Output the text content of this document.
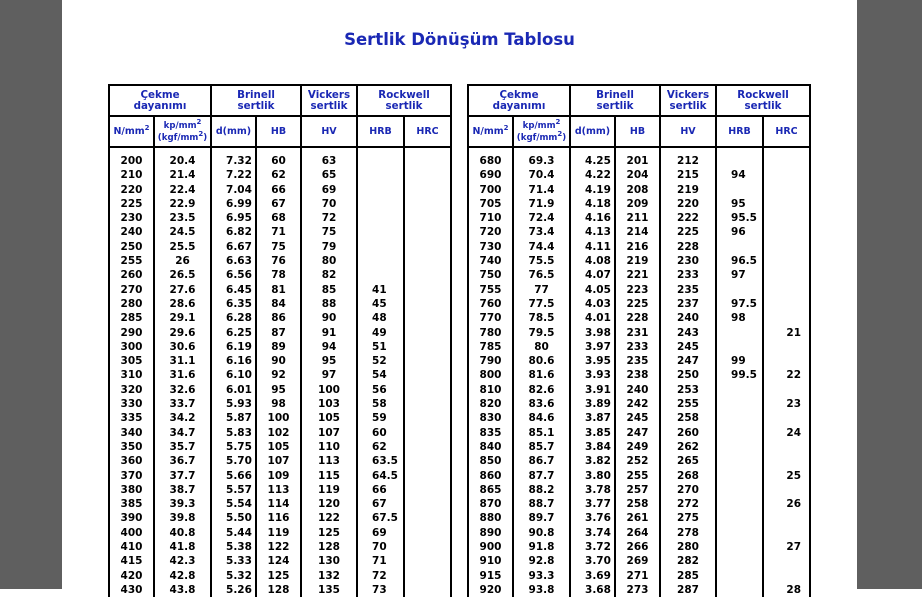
Sertlik Dönüşüm Tablosu
Çekme
dayanımı		Brinell
sertlik		Vickers
sertlik	Rockwell
sertlik	
$N/mm^2$	$kp/mm^2$
$(kgf/mm^2)$	d(mm)	HB	HV	HRB	HRC

200	20.4	7.32	60	63		
210	21.4	7.22	62	65		
220	22.4	7.04	66	69		
225	22.9	6.99	67	70		
230	23.5	6.95	68	72		
240	24.5	6.82	71	75		
250	25.5	6.67	75	79		
255	26	6.63	76	80		
260	26.5	6.56	78	82		
270	27.6	6.45	81	85	41	
280	28.6	6.35	84	88	45	
285	29.1	6.28	86	90	48	
290	29.6	6.25	87	91	49	
300	30.6	6.19	89	94	51	
305	31.1	6.16	90	95	52	
310	31.6	6.10	92	97	54	
320	32.6	6.01	95	100	56	
330	33.7	5.93	98	103	58	
335	34.2	5.87	100	105	59	
340	34.7	5.83	102	107	60	
350	35.7	5.75	105	110	62	
360	36.7	5.70	107	113	63.5	
370	37.7	5.66	109	115	64.5	
380	38.7	5.57	113	119	66	
385	39.3	5.54	114	120	67	
390	39.8	5.50	116	122	67.5	
400	40.8	5.44	119	125	69	
410	41.8	5.38	122	128	70	
415	42.3	5.33	124	130	71	
420	42.8	5.32	125	132	72	
430	43.8	5.26	128	135	73	
Çekme
dayanımı		Brinell
sertlik		Vickers
sertlik	Rockwell
sertlik	
$N/mm^2$	$kp/mm^2$
$(kgf/mm^2)$	d(mm)	HB	HV	HRB	HRC

680	69.3	4.25	201	212		
690	70.4	4.22	204	215	94	
700	71.4	4.19	208	219		
705	71.9	4.18	209	220	95	
710	72.4	4.16	211	222	95.5	
720	73.4	4.13	214	225	96	
730	74.4	4.11	216	228		
740	75.5	4.08	219	230	96.5	
750	76.5	4.07	221	233	97	
755	77	4.05	223	235		
760	77.5	4.03	225	237	97.5	
770	78.5	4.01	228	240	98	
780	79.5	3.98	231	243		21
785	80	3.97	233	245		
790	80.6	3.95	235	247	99	
800	81.6	3.93	238	250	99.5	22
810	82.6	3.91	240	253		
820	83.6	3.89	242	255		23
830	84.6	3.87	245	258		
835	85.1	3.85	247	260		24
840	85.7	3.84	249	262		
850	86.7	3.82	252	265		
860	87.7	3.80	255	268		25
865	88.2	3.78	257	270		
870	88.7	3.77	258	272		26
880	89.7	3.76	261	275		
890	90.8	3.74	264	278		
900	91.8	3.72	266	280		27
910	92.8	3.70	269	282		
915	93.3	3.69	271	285		
920	93.8	3.68	273	287		28
